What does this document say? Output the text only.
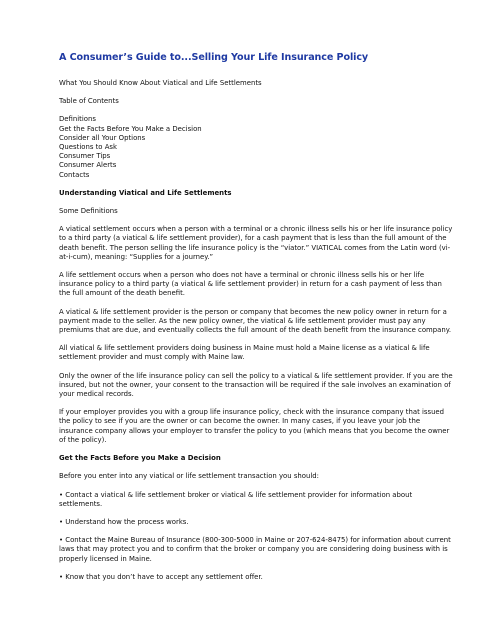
A Consumer’s Guide to...Selling Your Life Insurance Policy

What You Should Know About Viatical and Life Settlements

Table of Contents

Definitions
Get the Facts Before You Make a Decision
Consider all Your Options
Questions to Ask
Consumer Tips
Consumer Alerts
Contacts

Understanding Viatical and Life Settlements

Some Definitions

A viatical settlement occurs when a person with a terminal or a chronic illness sells his or her life insurance policy to a third party (a viatical & life settlement provider), for a cash payment that is less than the full amount of the death benefit. The person selling the life insurance policy is the “viator.” VIATICAL comes from the Latin word (vi-at-i-cum), meaning: “Supplies for a journey.”

A life settlement occurs when a person who does not have a terminal or chronic illness sells his or her life insurance policy to a third party (a viatical & life settlement provider) in return for a cash payment of less than the full amount of the death benefit.

A viatical & life settlement provider is the person or company that becomes the new policy owner in return for a payment made to the seller. As the new policy owner, the viatical & life settlement provider must pay any premiums that are due, and eventually collects the full amount of the death benefit from the insurance company.

All viatical & life settlement providers doing business in Maine must hold a Maine license as a viatical & life settlement provider and must comply with Maine law.

Only the owner of the life insurance policy can sell the policy to a viatical & life settlement provider. If you are the insured, but not the owner, your consent to the transaction will be required if the sale involves an examination of your medical records.

If your employer provides you with a group life insurance policy, check with the insurance company that issued the policy to see if you are the owner or can become the owner. In many cases, if you leave your job the insurance company allows your employer to transfer the policy to you (which means that you become the owner of the policy).

Get the Facts Before you Make a Decision

Before you enter into any viatical or life settlement transaction you should:

• Contact a viatical & life settlement broker or viatical & life settlement provider for information about settlements.

• Understand how the process works.

• Contact the Maine Bureau of Insurance (800-300-5000 in Maine or 207-624-8475) for information about current laws that may protect you and to confirm that the broker or company you are considering doing business with is properly licensed in Maine.

• Know that you don’t have to accept any settlement offer.
